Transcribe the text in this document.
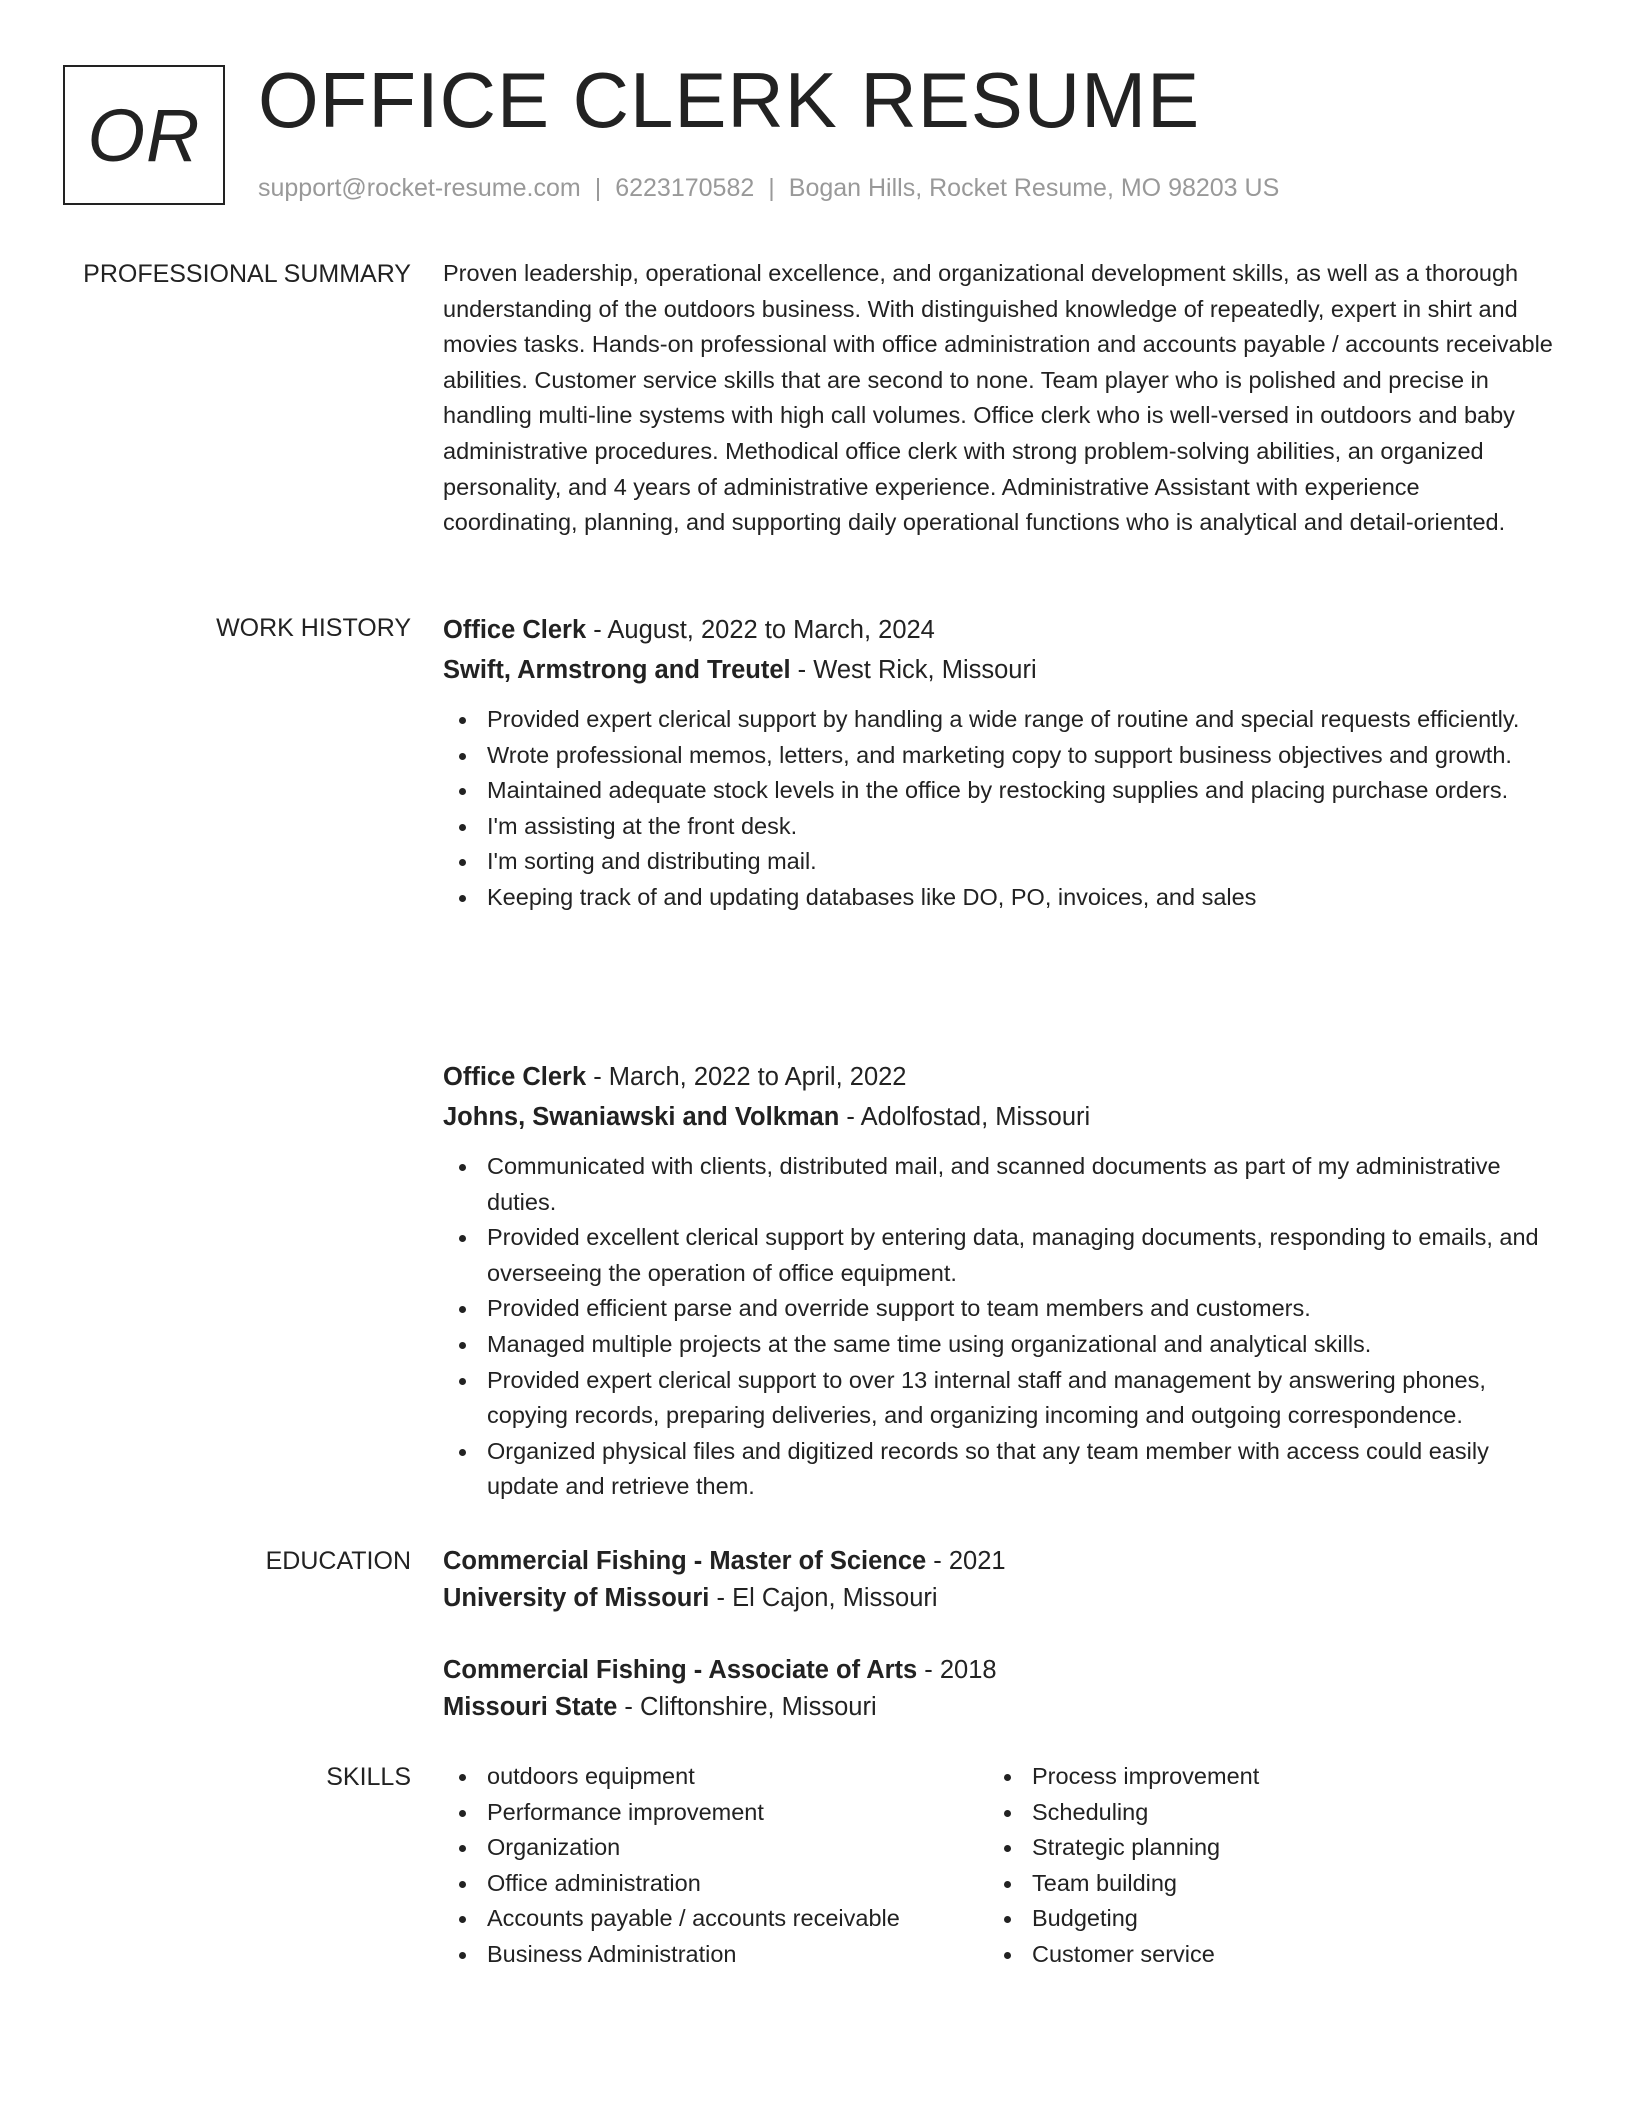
OR OFFICE CLERK RESUME
support@rocket-resume.com | 6223170582 | Bogan Hills, Rocket Resume, MO 98203 US
PROFESSIONAL SUMMARY Proven leadership, operational excellence, and organizational development skills, as well as a thorough understanding of the outdoors business. With distinguished knowledge of repeatedly, expert in shirt and movies tasks. Hands-on professional with office administration and accounts payable / accounts receivable abilities. Customer service skills that are second to none. Team player who is polished and precise in handling multi-line systems with high call volumes. Office clerk who is well-versed in outdoors and baby administrative procedures. Methodical office clerk with strong problem-solving abilities, an organized personality, and 4 years of administrative experience. Administrative Assistant with experience coordinating, planning, and supporting daily operational functions who is analytical and detail-oriented.

WORK HISTORY Office Clerk - August, 2022 to March, 2024
Swift, Armstrong and Treutel - West Rick, Missouri
Provided expert clerical support by handling a wide range of routine and special requests efficiently.
Wrote professional memos, letters, and marketing copy to support business objectives and growth.
Maintained adequate stock levels in the office by restocking supplies and placing purchase orders.
I'm assisting at the front desk.
I'm sorting and distributing mail.
Keeping track of and updating databases like DO, PO, invoices, and sales
Office Clerk - March, 2022 to April, 2022
Johns, Swaniawski and Volkman - Adolfostad, Missouri
Communicated with clients, distributed mail, and scanned documents as part of my administrative duties.
Provided excellent clerical support by entering data, managing documents, responding to emails, and overseeing the operation of office equipment.
Provided efficient parse and override support to team members and customers.
Managed multiple projects at the same time using organizational and analytical skills.
Provided expert clerical support to over 13 internal staff and management by answering phones, copying records, preparing deliveries, and organizing incoming and outgoing correspondence.
Organized physical files and digitized records so that any team member with access could easily update and retrieve them.
EDUCATION Commercial Fishing - Master of Science - 2021
University of Missouri - El Cajon, Missouri
Commercial Fishing - Associate of Arts - 2018
Missouri State - Cliftonshire, Missouri
SKILLS	outdoors equipment
Performance improvement
Organization
Office administration
Accounts payable / accounts receivable
Business Administration
Process improvement
Scheduling
Strategic planning
Team building
Budgeting
Customer service
